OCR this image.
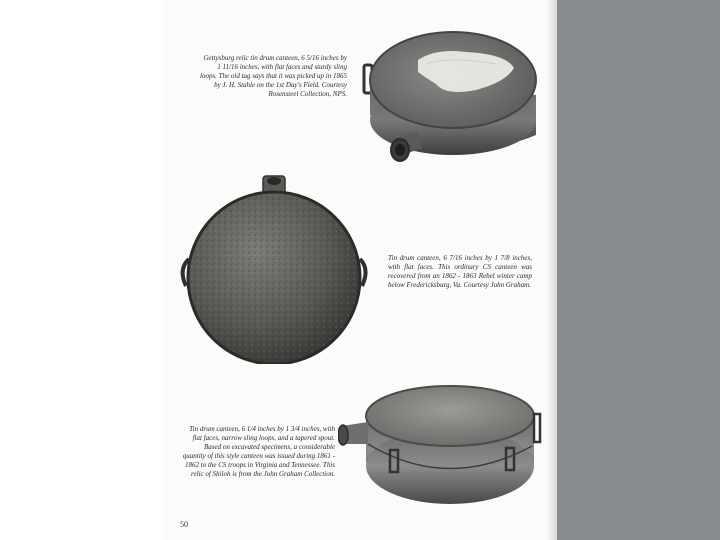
Gettysburg relic tin drum canteen, 6 5/16 inches by 1 11/16 inches, with flat faces and sturdy sling loops. The old tag says that it was picked up in 1865 by J. H. Stahle on the 1st Day's Field. Courtesy Rosensteel Collection, NPS.

Tin drum canteen, 6 7/16 inches by 1 7/8 inches, with flat faces. This ordinary CS canteen was recovered from an 1862 - 1863 Rebel winter camp below Fredericksburg, Va. Courtesy John Graham.

Tin drum canteen, 6 1/4 inches by 1 3/4 inches, with flat faces, narrow sling loops, and a tapered spout. Based on excavated specimens, a considerable quantity of this style canteen was issued during 1861 - 1862 to the CS troops in Virginia and Tennessee. This relic of Shiloh is from the John Graham Collection.

50
